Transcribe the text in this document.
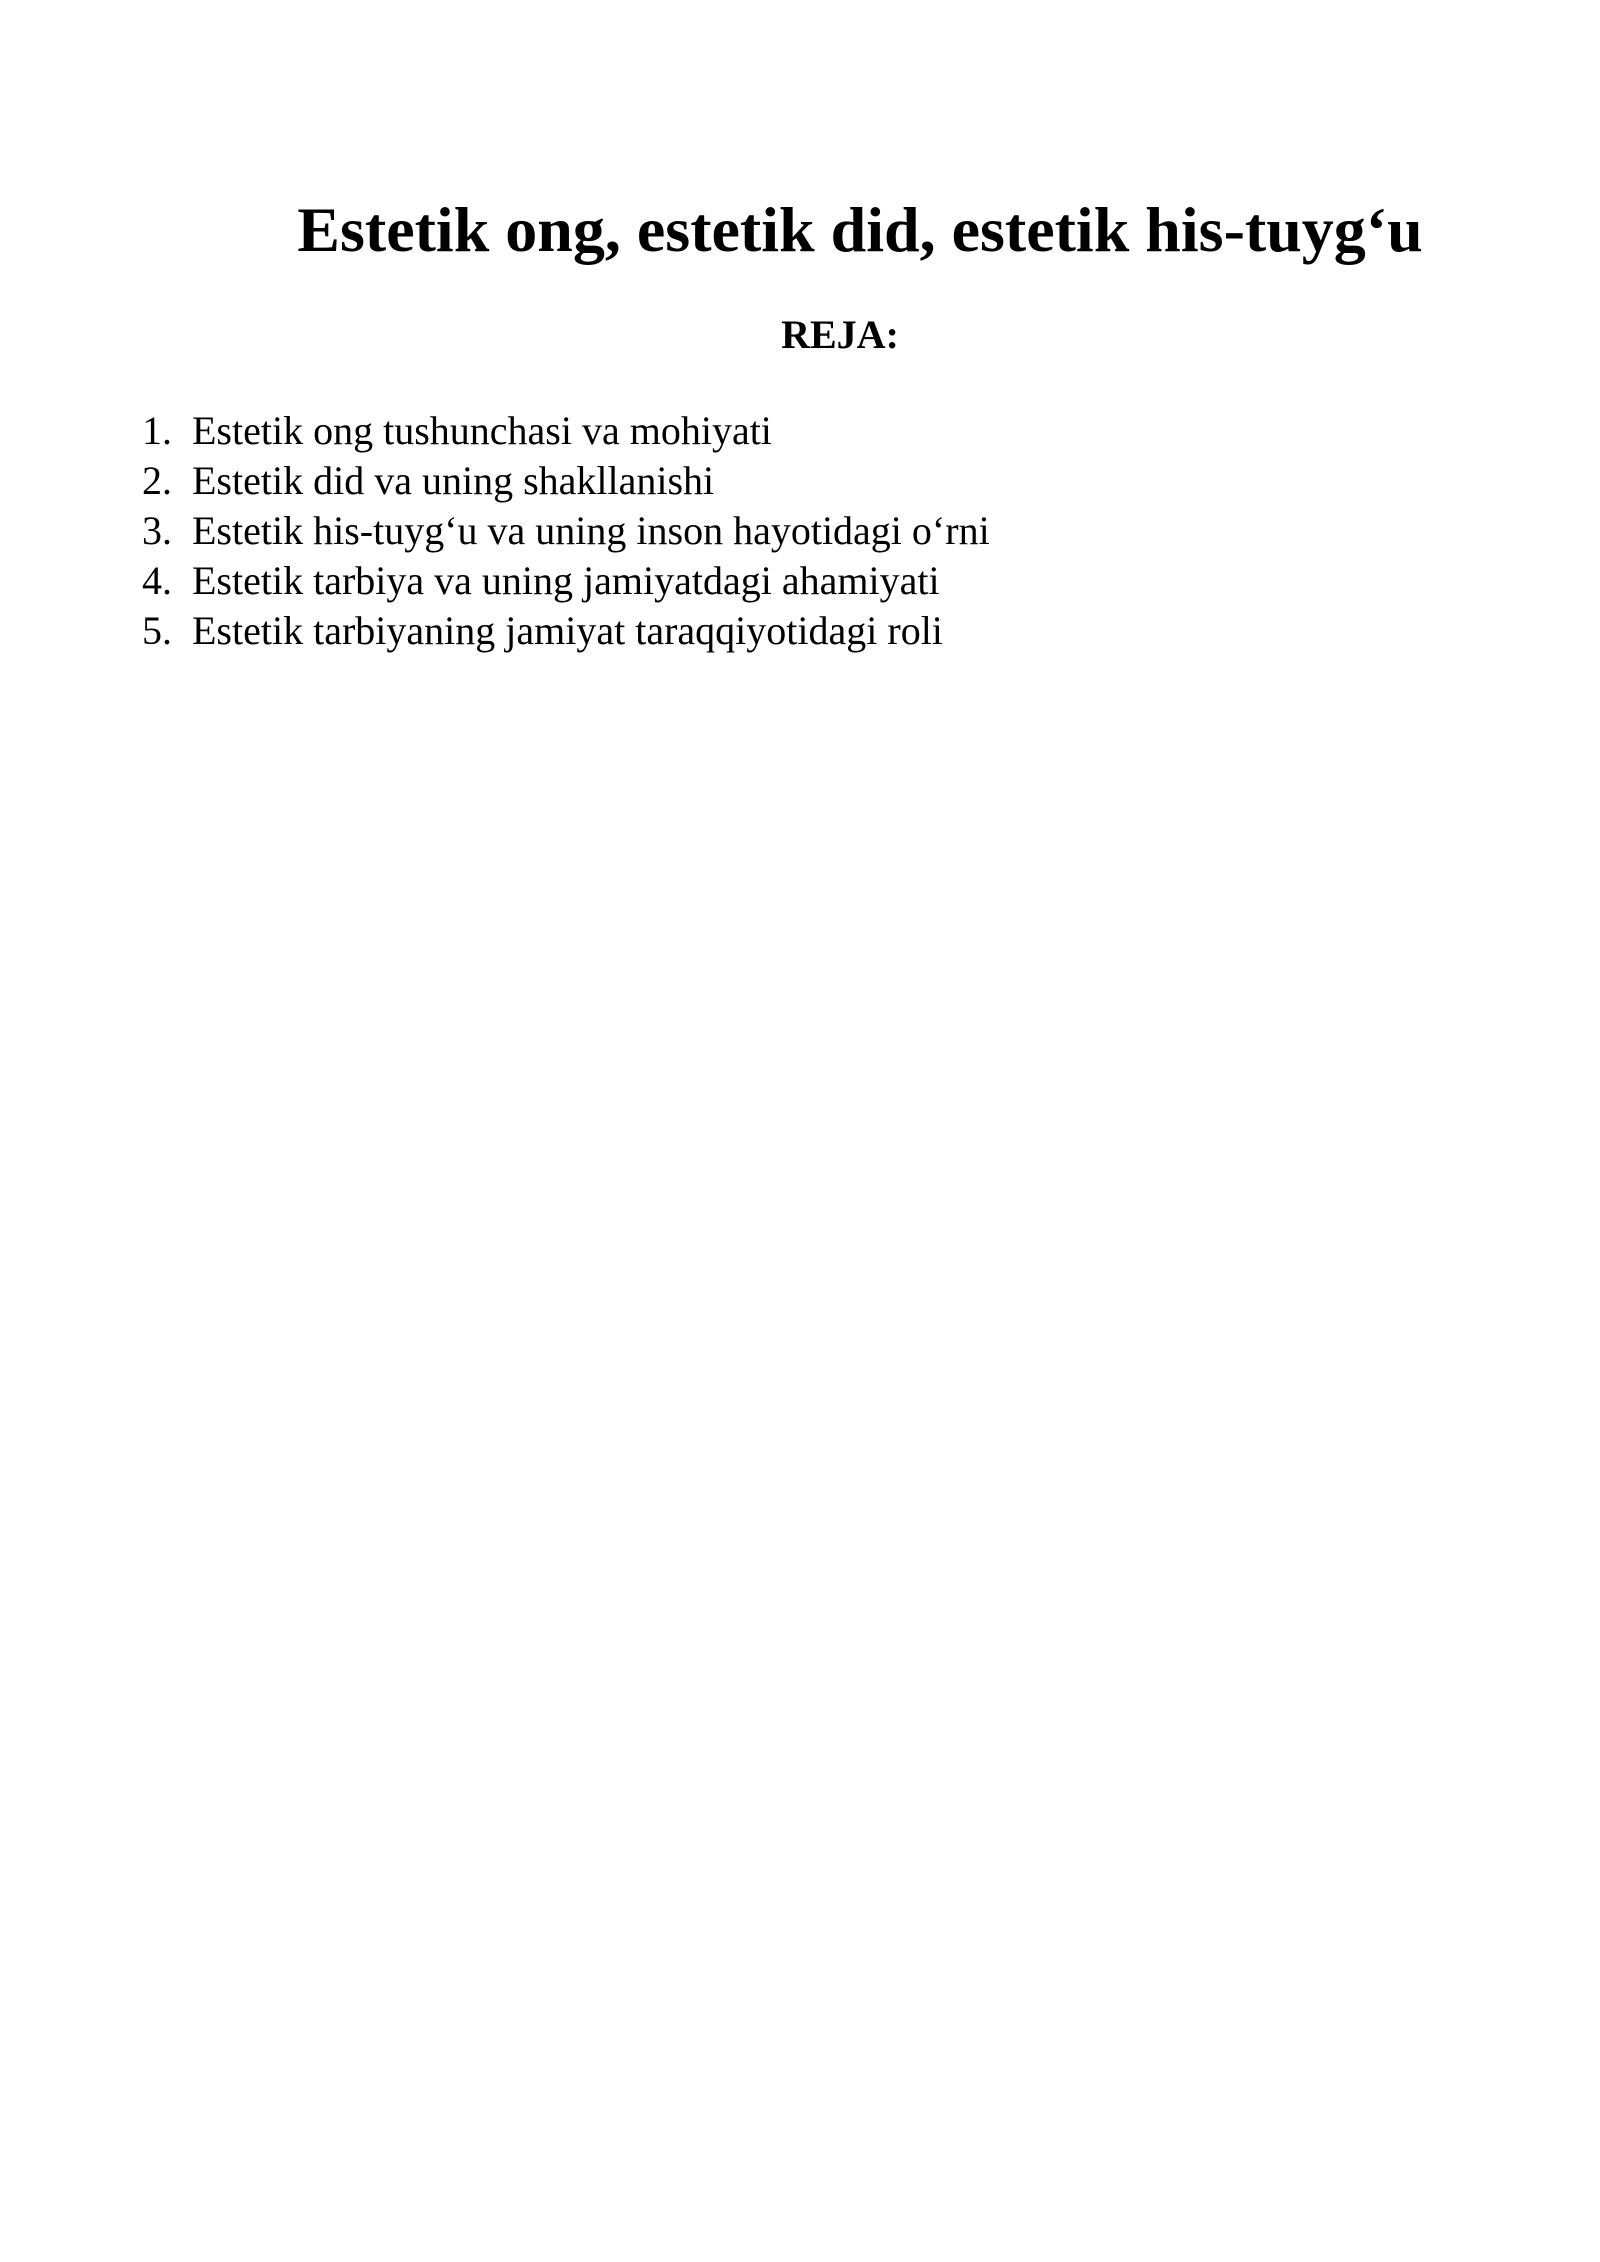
Estetik ong, estetik did, estetik his-tuyg‘u
REJA:
1. Estetik ong tushunchasi va mohiyati
2. Estetik did va uning shakllanishi
3. Estetik his-tuyg‘u va uning inson hayotidagi o‘rni
4. Estetik tarbiya va uning jamiyatdagi ahamiyati
5. Estetik tarbiyaning jamiyat taraqqiyotidagi roli
